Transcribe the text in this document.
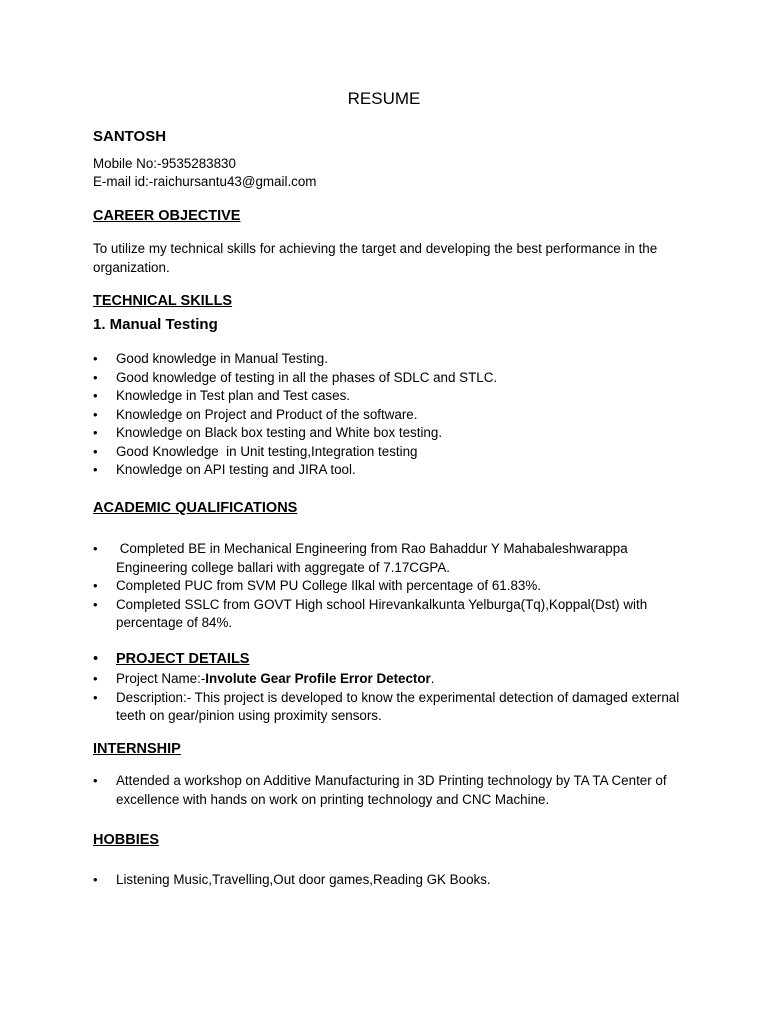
RESUME
SANTOSH
Mobile No:-9535283830
E-mail id:-raichursantu43@gmail.com
CAREER OBJECTIVE
To utilize my technical skills for achieving the target and developing the best performance in the organization.
TECHNICAL SKILLS
1. Manual Testing
•	Good knowledge in Manual Testing.
•	Good knowledge of testing in all the phases of SDLC and STLC.
•	Knowledge in Test plan and Test cases.
•	Knowledge on Project and Product of the software.
•	Knowledge on Black box testing and White box testing.
•	Good Knowledge  in Unit testing,Integration testing
•	Knowledge on API testing and JIRA tool.
ACADEMIC QUALIFICATIONS
•	Completed BE in Mechanical Engineering from Rao Bahaddur Y Mahabaleshwarappa Engineering college ballari with aggregate of 7.17CGPA.
•	Completed PUC from SVM PU College Ilkal with percentage of 61.83%.
•	Completed SSLC from GOVT High school Hirevankalkunta Yelburga(Tq),Koppal(Dst) with percentage of 84%.
• PROJECT DETAILS
•	Project Name:-Involute Gear Profile Error Detector.
•	Description:- This project is developed to know the experimental detection of damaged external teeth on gear/pinion using proximity sensors.
INTERNSHIP
•	Attended a workshop on Additive Manufacturing in 3D Printing technology by TA TA Center of excellence with hands on work on printing technology and CNC Machine.
HOBBIES
•	Listening Music,Travelling,Out door games,Reading GK Books.
